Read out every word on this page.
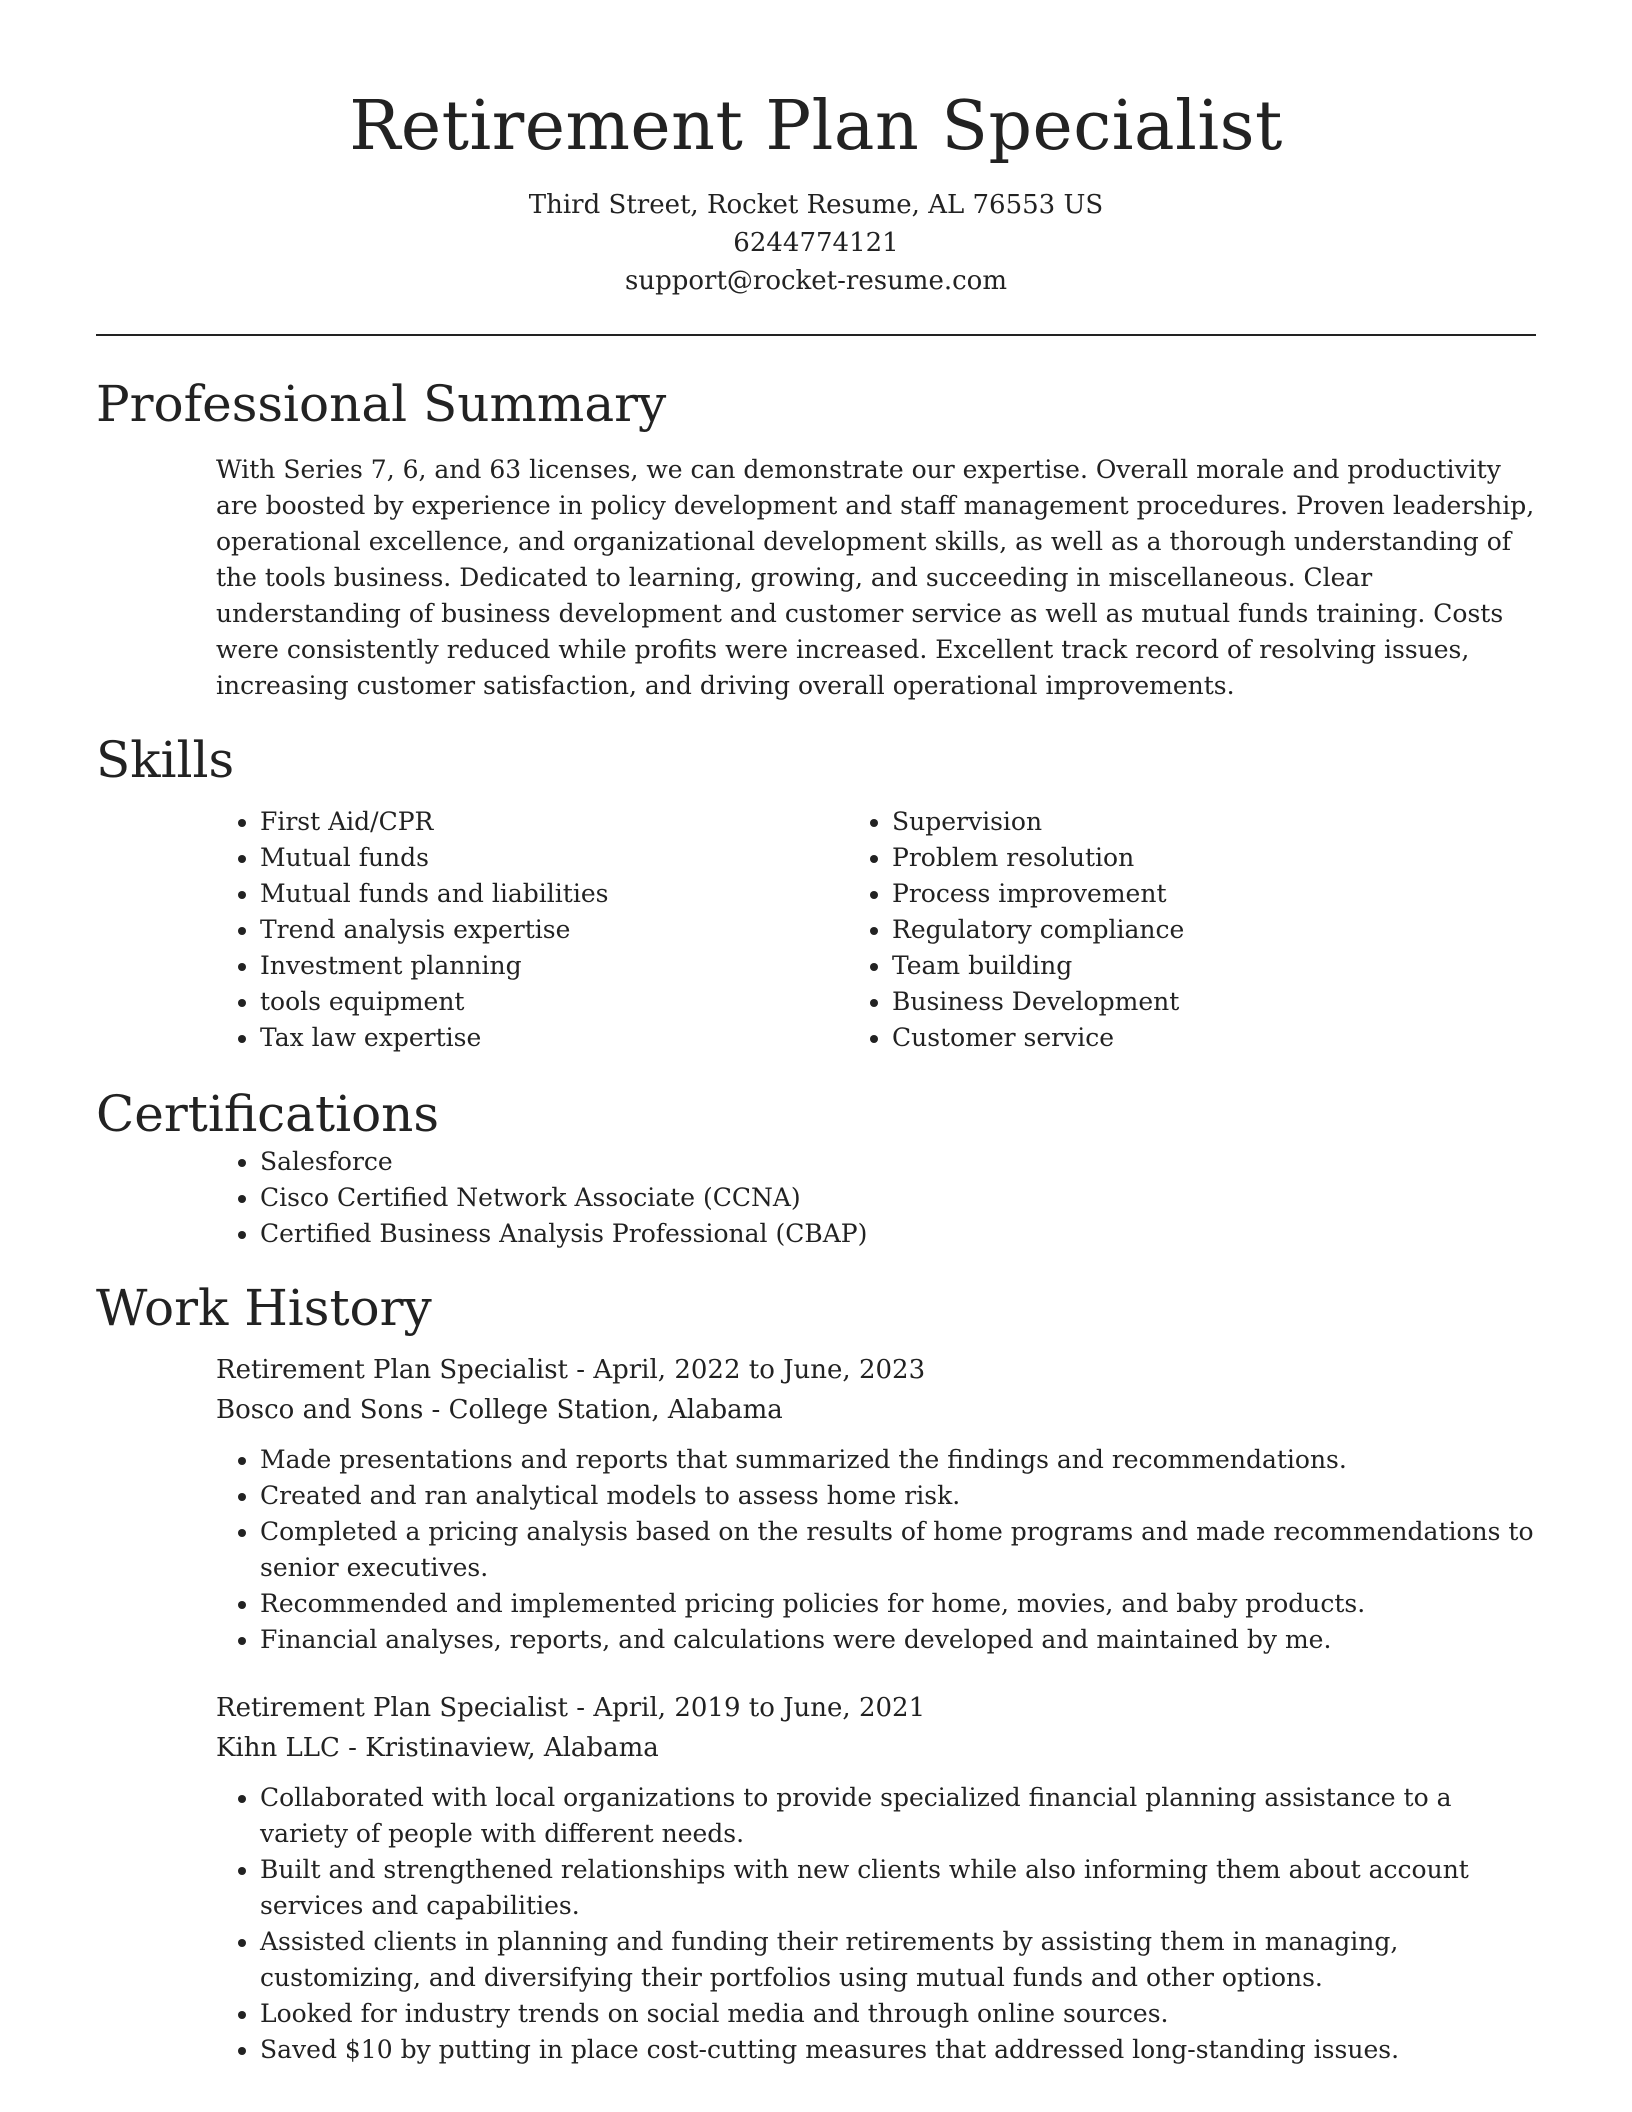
Retirement Plan Specialist
Third Street, Rocket Resume, AL 76553 US
6244774121
support@rocket-resume.com
Professional Summary

With Series 7, 6, and 63 licenses, we can demonstrate our expertise. Overall morale and productivity are boosted by experience in policy development and staff management procedures. Proven leadership, operational excellence, and organizational development skills, as well as a thorough understanding of the tools business. Dedicated to learning, growing, and succeeding in miscellaneous. Clear understanding of business development and customer service as well as mutual funds training. Costs were consistently reduced while profits were increased. Excellent track record of resolving issues, increasing customer satisfaction, and driving overall operational improvements.

Skills
• First Aid/CPR
• Mutual funds
• Mutual funds and liabilities
• Trend analysis expertise
• Investment planning
• tools equipment
• Tax law expertise
• Supervision
• Problem resolution
• Process improvement
• Regulatory compliance
• Team building
• Business Development
• Customer service
Certifications
• Salesforce
• Cisco Certified Network Associate (CCNA)
• Certified Business Analysis Professional (CBAP)
Work History
Retirement Plan Specialist - April, 2022 to June, 2023
Bosco and Sons - College Station, Alabama
• Made presentations and reports that summarized the findings and recommendations.
• Created and ran analytical models to assess home risk.
• Completed a pricing analysis based on the results of home programs and made recommendations to senior executives.
• Recommended and implemented pricing policies for home, movies, and baby products.
• Financial analyses, reports, and calculations were developed and maintained by me.
Retirement Plan Specialist - April, 2019 to June, 2021
Kihn LLC - Kristinaview, Alabama
• Collaborated with local organizations to provide specialized financial planning assistance to a variety of people with different needs.
• Built and strengthened relationships with new clients while also informing them about account services and capabilities.
• Assisted clients in planning and funding their retirements by assisting them in managing, customizing, and diversifying their portfolios using mutual funds and other options.
• Looked for industry trends on social media and through online sources.
• Saved $10 by putting in place cost-cutting measures that addressed long-standing issues.
